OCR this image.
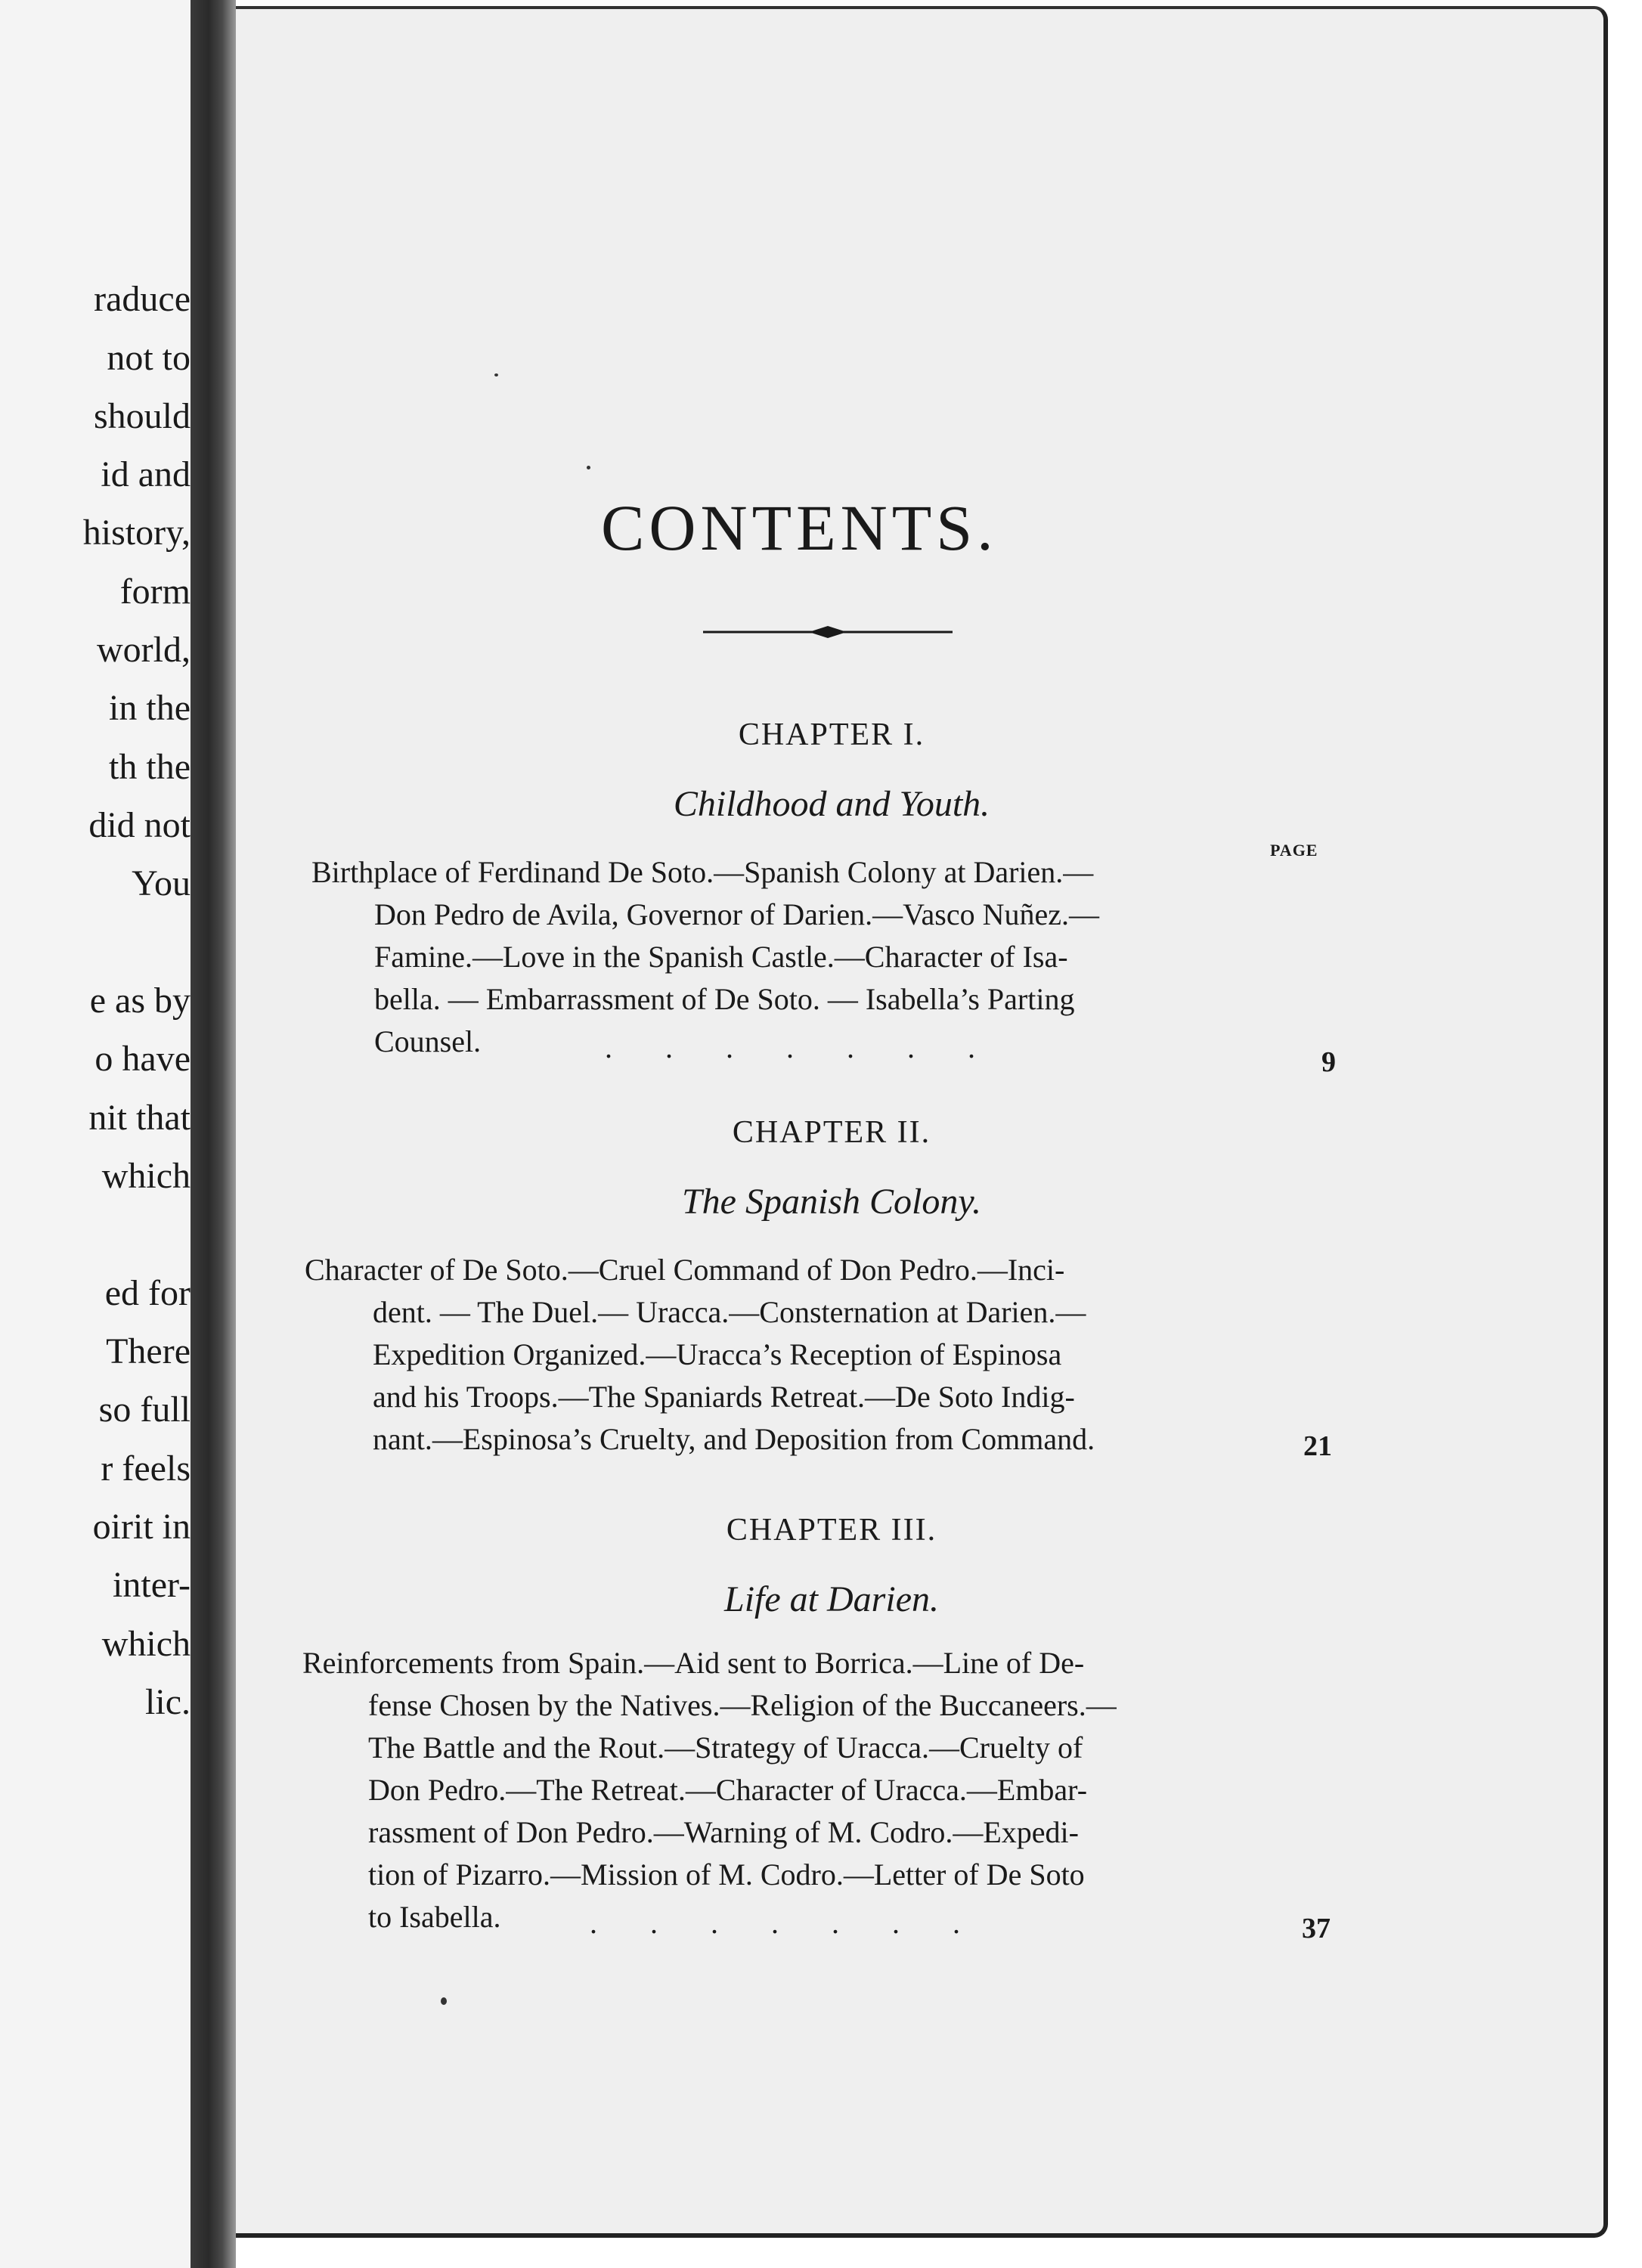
raduce
not to
should
id and
history,
form
world,
in the
th the
did not
You
e as by
o have
nit that
which
ed for
There
so full
r feels
oirit in
inter-
which
lic.
CONTENTS.
CHAPTER I.
Childhood and Youth.
PAGE
Birthplace of Ferdinand De Soto.—Spanish Colony at Darien.—
Don Pedro de Avila, Governor of Darien.—Vasco Nuñez.—
Famine.—Love in the Spanish Castle.—Character of Isa-
bella. — Embarrassment of De Soto. — Isabella’s Parting
Counsel.	.       .       .       .       .       .       .	9
CHAPTER II.
The Spanish Colony.
Character of De Soto.—Cruel Command of Don Pedro.—Inci-
dent. — The Duel.— Uracca.—Consternation at Darien.—
Expedition Organized.—Uracca’s Reception of Espinosa
and his Troops.—The Spaniards Retreat.—De Soto Indig-
nant.—Espinosa’s Cruelty, and Deposition from Command.	21
CHAPTER III.
Life at Darien.
Reinforcements from Spain.—Aid sent to Borrica.—Line of De-
fense Chosen by the Natives.—Religion of the Buccaneers.—
The Battle and the Rout.—Strategy of Uracca.—Cruelty of
Don Pedro.—The Retreat.—Character of Uracca.—Embar-
rassment of Don Pedro.—Warning of M. Codro.—Expedi-
tion of Pizarro.—Mission of M. Codro.—Letter of De Soto
to Isabella.	.       .       .       .       .       .       .	37
